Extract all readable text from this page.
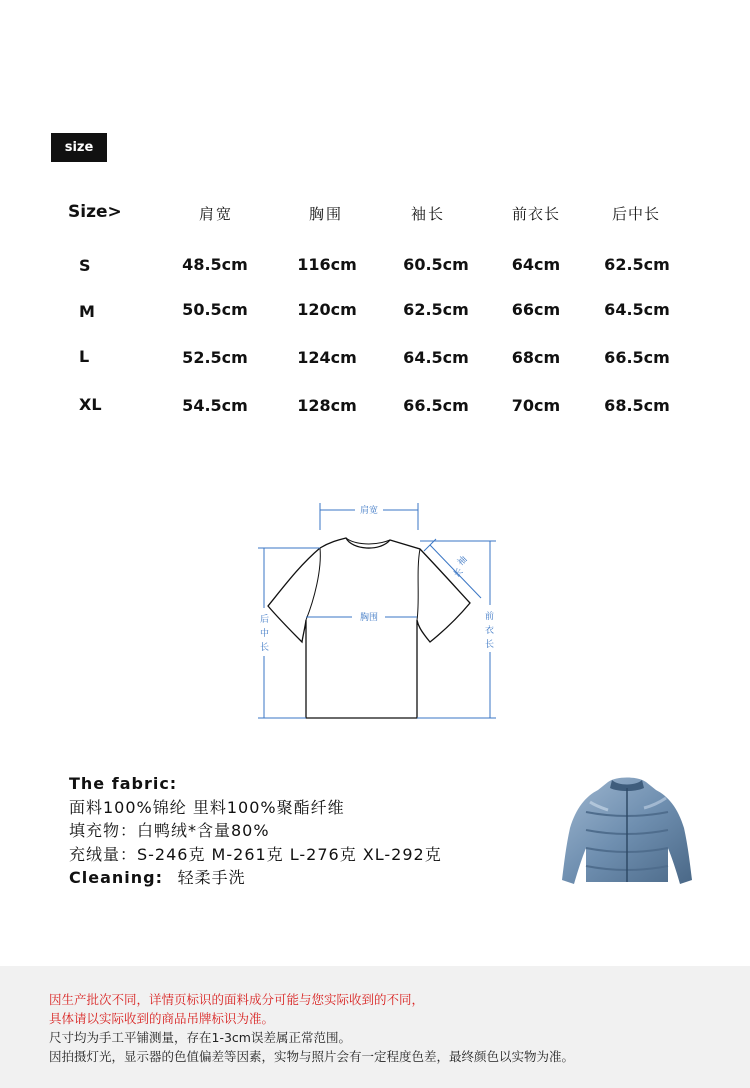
size
Size>	肩宽	胸围	袖长	前衣长	后中长
S	48.5cm	116cm	60.5cm	64cm	62.5cm
M	50.5cm	120cm	62.5cm	66cm	64.5cm
L	52.5cm	124cm	64.5cm	68cm	66.5cm
XL	54.5cm	128cm	66.5cm	70cm	68.5cm
肩宽
胸围
袖
长
后
中
长
前
衣
长
The fabric:
面料100%锦纶 里料100%聚酯纤维
填充物：白鸭绒*含量80%
充绒量：S-246克 M-261克 L-276克 XL-292克
Cleaning: 轻柔手洗
因生产批次不同，详情页标识的面料成分可能与您实际收到的不同，
具体请以实际收到的商品吊牌标识为准。
尺寸均为手工平铺测量，存在1-3cm误差属正常范围。
因拍摄灯光，显示器的色值偏差等因素，实物与照片会有一定程度色差，最终颜色以实物为准。
